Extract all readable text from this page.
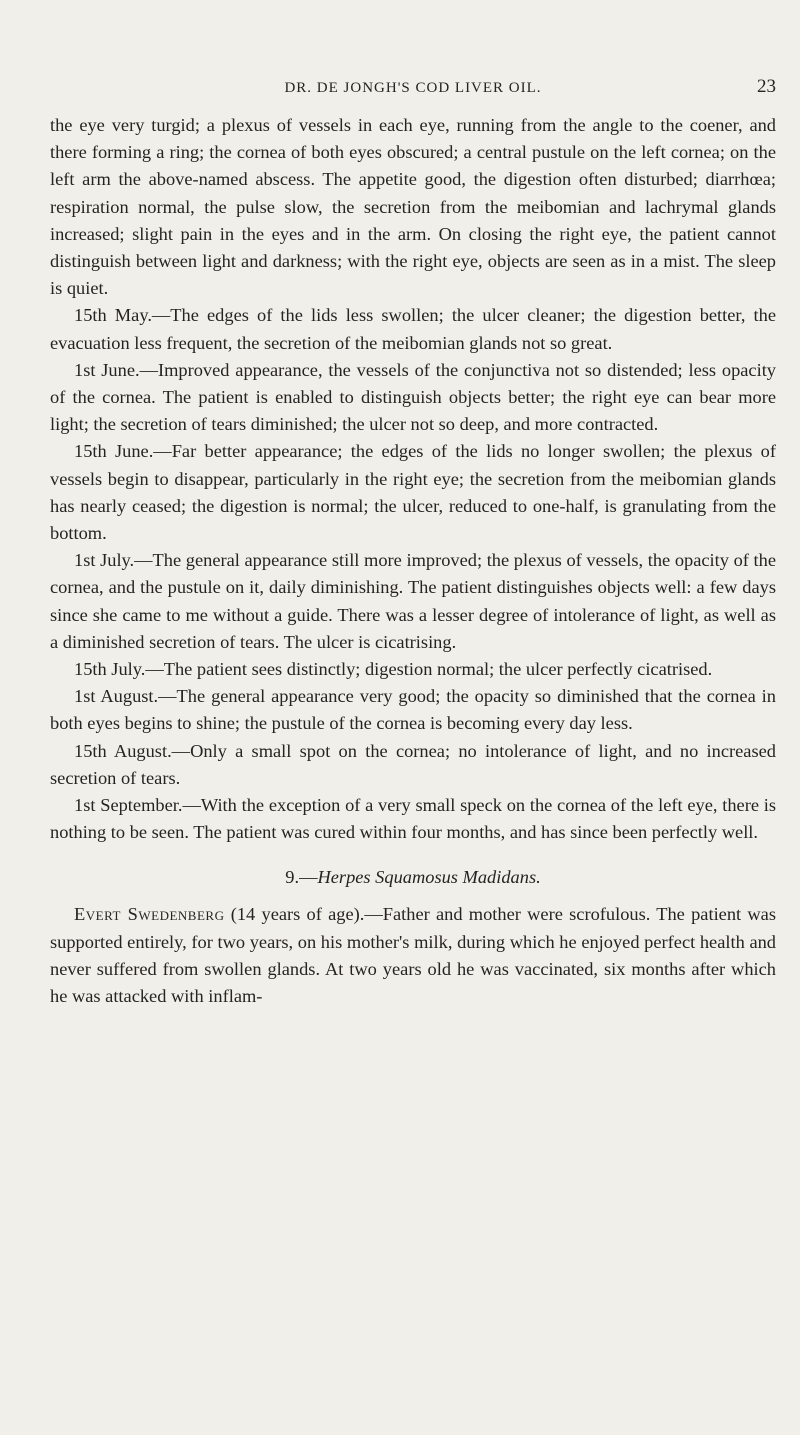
DR. DE JONGH'S COD LIVER OIL.	23

the eye very turgid; a plexus of vessels in each eye, running from the angle to the coener, and there forming a ring; the cornea of both eyes obscured; a central pustule on the left cornea; on the left arm the above-named abscess. The appetite good, the digestion often disturbed; diarrhœa; respiration normal, the pulse slow, the secretion from the meibomian and lachrymal glands increased; slight pain in the eyes and in the arm. On closing the right eye, the patient cannot distinguish between light and darkness; with the right eye, objects are seen as in a mist. The sleep is quiet.

15th May.—The edges of the lids less swollen; the ulcer cleaner; the digestion better, the evacuation less frequent, the secretion of the meibomian glands not so great.

1st June.—Improved appearance, the vessels of the conjunctiva not so distended; less opacity of the cornea. The patient is enabled to distinguish objects better; the right eye can bear more light; the secretion of tears diminished; the ulcer not so deep, and more contracted.

15th June.—Far better appearance; the edges of the lids no longer swollen; the plexus of vessels begin to disappear, particularly in the right eye; the secretion from the meibomian glands has nearly ceased; the digestion is normal; the ulcer, reduced to one-half, is granulating from the bottom.

1st July.—The general appearance still more improved; the plexus of vessels, the opacity of the cornea, and the pustule on it, daily diminishing. The patient distinguishes objects well: a few days since she came to me without a guide. There was a lesser degree of intolerance of light, as well as a diminished secretion of tears. The ulcer is cicatrising.

15th July.—The patient sees distinctly; digestion normal; the ulcer perfectly cicatrised.

1st August.—The general appearance very good; the opacity so diminished that the cornea in both eyes begins to shine; the pustule of the cornea is becoming every day less.

15th August.—Only a small spot on the cornea; no intolerance of light, and no increased secretion of tears.

1st September.—With the exception of a very small speck on the cornea of the left eye, there is nothing to be seen. The patient was cured within four months, and has since been perfectly well.

9.—Herpes Squamosus Madidans.

Evert Swedenberg (14 years of age).—Father and mother were scrofulous. The patient was supported entirely, for two years, on his mother's milk, during which he enjoyed perfect health and never suffered from swollen glands. At two years old he was vaccinated, six months after which he was attacked with inflam-
